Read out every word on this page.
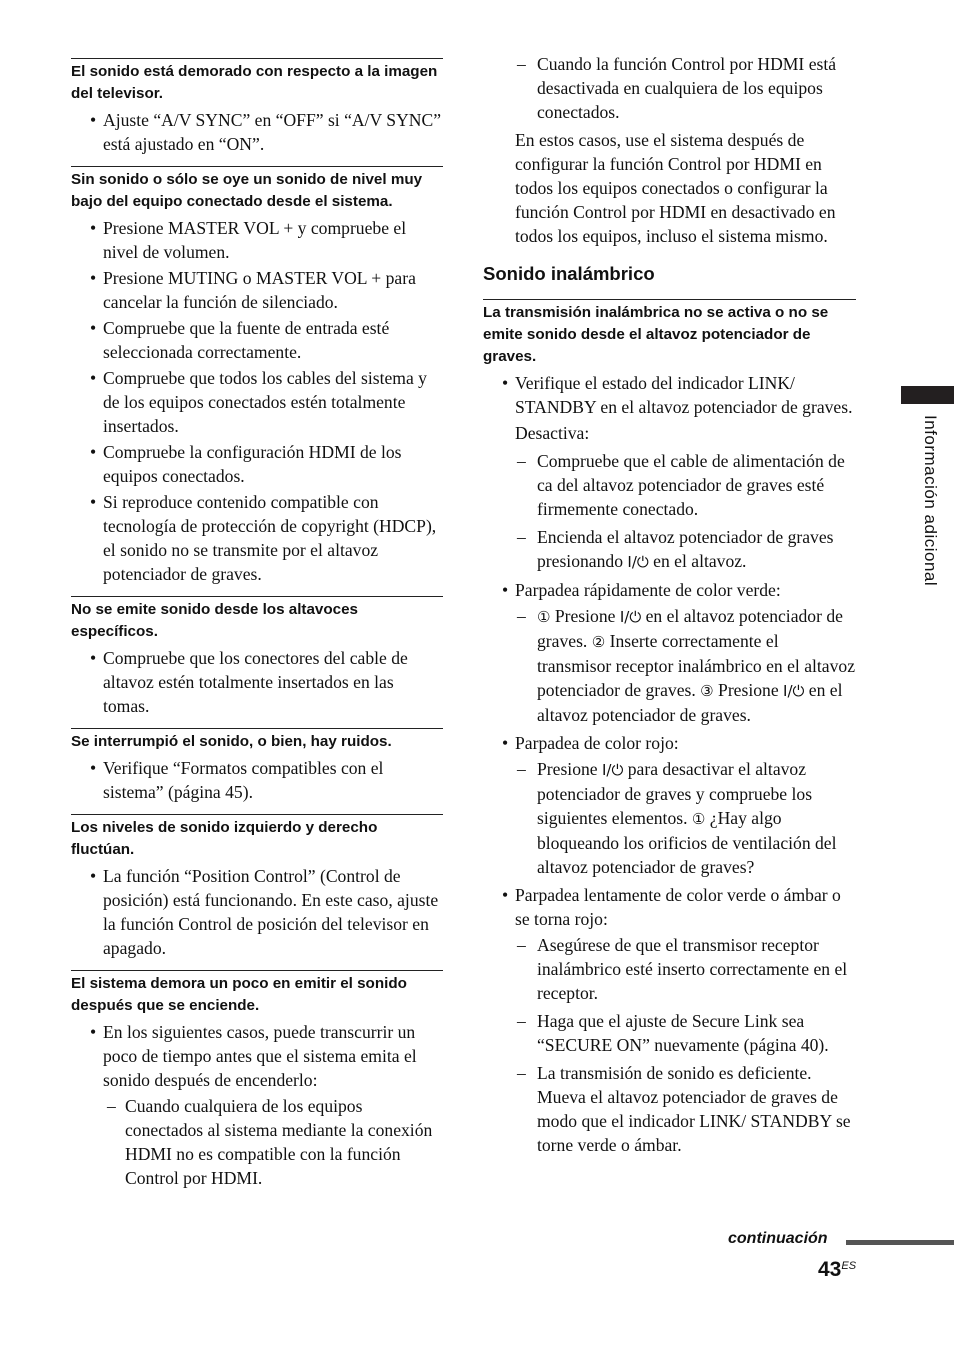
El sonido está demorado con respecto a la imagen del televisor.
• Ajuste “A/V SYNC” en “OFF” si “A/V SYNC” está ajustado en “ON”.
Sin sonido o sólo se oye un sonido de nivel muy bajo del equipo conectado desde el sistema.
• Presione MASTER VOL + y compruebe el nivel de volumen.
• Presione MUTING o MASTER VOL + para cancelar la función de silenciado.
• Compruebe que la fuente de entrada esté seleccionada correctamente.
• Compruebe que todos los cables del sistema y de los equipos conectados estén totalmente insertados.
• Compruebe la configuración HDMI de los equipos conectados.
• Si reproduce contenido compatible con tecnología de protección de copyright (HDCP), el sonido no se transmite por el altavoz potenciador de graves.
No se emite sonido desde los altavoces específicos.
• Compruebe que los conectores del cable de altavoz estén totalmente insertados en las tomas.
Se interrumpió el sonido, o bien, hay ruidos.
• Verifique “Formatos compatibles con el sistema” (página 45).
Los niveles de sonido izquierdo y derecho fluctúan.
• La función “Position Control” (Control de posición) está funcionando. En este caso, ajuste la función Control de posición del televisor en apagado.
El sistema demora un poco en emitir el sonido después que se enciende.
• En los siguientes casos, puede transcurrir un poco de tiempo antes que el sistema emita el sonido después de encenderlo:
– Cuando cualquiera de los equipos conectados al sistema mediante la conexión HDMI no es compatible con la función Control por HDMI.
– Cuando la función Control por HDMI está desactivada en cualquiera de los equipos conectados.
En estos casos, use el sistema después de configurar la función Control por HDMI en todos los equipos conectados o configurar la función Control por HDMI en desactivado en todos los equipos, incluso el sistema mismo.
Sonido inalámbrico
La transmisión inalámbrica no se activa o no se emite sonido desde el altavoz potenciador de graves.
• Verifique el estado del indicador LINK/ STANDBY en el altavoz potenciador de graves.
Desactiva:
– Compruebe que el cable de alimentación de ca del altavoz potenciador de graves esté firmemente conectado.
– Encienda el altavoz potenciador de graves presionando I/⏻ en el altavoz.
• Parpadea rápidamente de color verde:
– ① Presione I/⏻ en el altavoz potenciador de graves. ② Inserte correctamente el transmisor receptor inalámbrico en el altavoz potenciador de graves. ③ Presione I/⏻ en el altavoz potenciador de graves.
• Parpadea de color rojo:
– Presione I/⏻ para desactivar el altavoz potenciador de graves y compruebe los siguientes elementos. ① ¿Hay algo bloqueando los orificios de ventilación del altavoz potenciador de graves?
• Parpadea lentamente de color verde o ámbar o se torna rojo:
– Asegúrese de que el transmisor receptor inalámbrico esté inserto correctamente en el receptor.
– Haga que el ajuste de Secure Link sea “SECURE ON” nuevamente (página 40).
– La transmisión de sonido es deficiente. Mueva el altavoz potenciador de graves de modo que el indicador LINK/ STANDBY se torne verde o ámbar.
Información adicional
continuación
$43^{ES}$
